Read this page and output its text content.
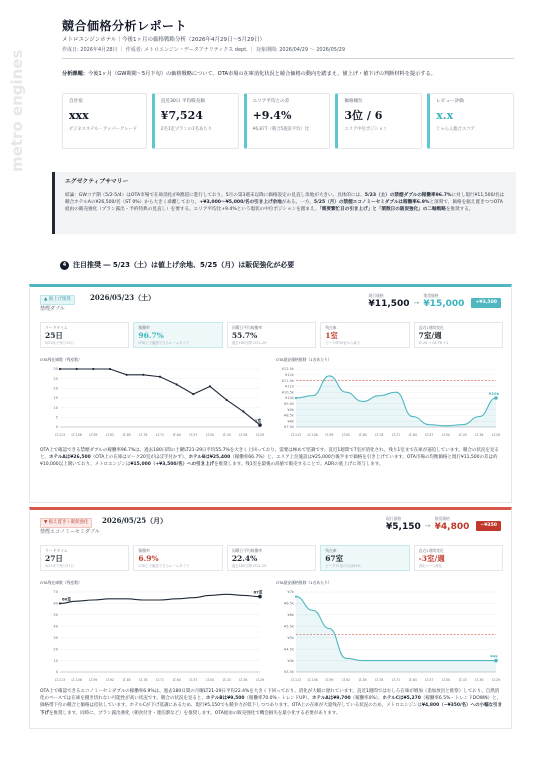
metro engines
競合価格分析レポート
メトロエンジンホテル｜今後1ヶ月の価格戦略分析（2026年4月29日〜5月29日）
作成日: 2026年4月28日 ｜ 作成者: メトロエンジン・データアナリティクス dept. ｜ 対象期間: 2026/04/29 〜 2026/05/29
分析課題：今後1ヶ月（GW期間〜5月下旬）の価格戦略について、OTA市場の在庫消化状況と競合価格の動向を踏まえ、値上げ・値下げの判断材料を提示する。
自社宿
xxx
ビジネスホテル・アッパーグレード
直近30日 平均販売価
¥7,524
2名1室プランの1名あたり
エリア平均との差
+9.4%
¥6,877（競合5施設平均）比
価格順位
3位 / 6
エリア中位ポジション
レビュー評価
x.x
じゃらん総合スコア
エグゼクティブサマリー
結論：GWコア期（5/2-5/4）はOTA市場で在庫消化が9割超に進行しており、5月の第3週末以降に価格設定の見直し余地が大きい。具体的には、5/23（土）の禁煙ダブルの稼働率96.7%に対し現行¥11,500/名は競合ホテルAの¥26,500/名（ST 0%）から大きく乖離しており、+¥3,000〜¥5,000/名の引き上げ余地がある。一方、5/25（月）の禁煙エコノミーセミダブルは稼働率6.9%と深刻で、価格を据え置きつつOTA経由の販売強化（プラン露出・予約特典の見直し）を要する。エリア平均比+9.4%という現状の中位ポジションを踏まえ、「需要繁忙日の引き上げ」と「閑散日の販促強化」の二軸戦略を推奨する。
4 注目推奨 ― 5/23（土）は値上げ余地、5/25（月）は販促強化が必要
▲ 値上げ推奨	2026/05/23（土）
禁煙ダブル
現行価格
¥11,500 →
推奨価格
¥15,000	+¥3,500
リードタイム
25日
5/23まで残り25日
稼働率
96.7%
OTA上で確認できるルームタイプ
同曜日平均稼働率
55.7%
過去180日間 LT21-29
残在庫
1室
ピーク時30室から減少
直近1週間変化
7室/週
LT-26 → 08 TR +1
OTA残在庫数（残室数）
0
5
10
15
20
25
30
LT-113 LT-106 LT-99	LT-92	LT-85	LT-78	LT-71	LT-64	LT-57	LT-50	LT-43	LT-36	LT-29
1室
OTA最安価格推移（1名あたり）
¥12.5k
¥12k
¥11.5k
¥11k
¥10.5k
¥10k
¥9.5k
¥9k
¥8.5k
¥8k
¥7.5k
LT-113 LT-106 LT-99	LT-92	LT-85	LT-78	LT-71	LT-64	LT-57	LT-50	LT-43	LT-36	LT-29
¥10k
OTA上で確認できる禁煙ダブルの稼働率96.7%は、過去180日間の土曜LT21-29日平均55.7%を大きく上回っており、需要は極めて堅調です。直近1週間で7室が消化され、残り1室まで在庫が逼迫しています。競合の状況を見ると、ホテルAは¥26,500（OTA上の在庫はピーク20室がほぼ手付かず）、ホテルBは¥25,400（稼働率66.7%）と、エリア上位施設は¥25,000台後半まで価格を引き上げています。OTA市場の均衡価格と現行¥11,500の差は約¥10,000以上開いており、メトロエンジンは¥15,000（+¥3,500/名）への引き上げを推奨します。残1室を最後の高値で販売することで、ADRの底上げに寄与します。
▼ 据え置き＋販促強化	2026/05/25（月）
禁煙エコノミーセミダブル
現行価格
¥5,150 →
推奨価格
¥4,800	−¥350
リードタイム
27日
5/25まで残り27日
稼働率
6.9%
OTA上で確認できるルームタイプ
同曜日平均稼働率
22.4%
過去180日間 LT21-29
残在庫
67室
ピーク72室のほぼ93%
直近1週間変化
-3室/週
消化ペース鈍化
OTA残在庫数（残室数）
0
10
20
30
40
50
60
70
LT-113 LT-106 LT-99	LT-92	LT-85	LT-78	LT-71	LT-64	LT-57	LT-50	LT-43	LT-36	LT-29
67室
60室
OTA最安価格推移（1名あたり）
¥7k
¥6.5k
¥6k
¥5.5k
¥5k
¥4.5k
¥4k
¥3.5k
LT-113 LT-106 LT-99	LT-92	LT-85	LT-78	LT-71	LT-64	LT-57	LT-50	LT-43	LT-36	LT-29
¥4k
OTA上で確認できるエコノミーセミダブルの稼働率6.9%は、過去180日間の月曜LT21-29日平均22.4%を大きく下回っており、消化が大幅に遅れています。直近1週間ではむしろ在庫が増加（追加放出と推察）しており、自然消化のペースでは在庫を捌き切れない可能性が高い状況です。競合の状況を見ると、ホテルBは¥9,500（稼働率70.0%・トレンドUP）、ホテルAは¥9,700（稼働率0%）、ホテルCは¥5,270（稼働率6.5%・トレンドDOWN）と、価格帯下位の競合と価格は拮抗しています。ホテルCが下げ基調にあるため、現行¥5,150でも競争力が低下しつつあります。OTA上の在庫が大量残存している状況のため、メトロエンジンは¥4,800（−¥350/名）への小幅な引き下げを推奨します。同時に、プラン露出強化（朝食付き・連泊割など）を推奨します。OTA経由の販売強化で機会損失を最小化する必要があります。
